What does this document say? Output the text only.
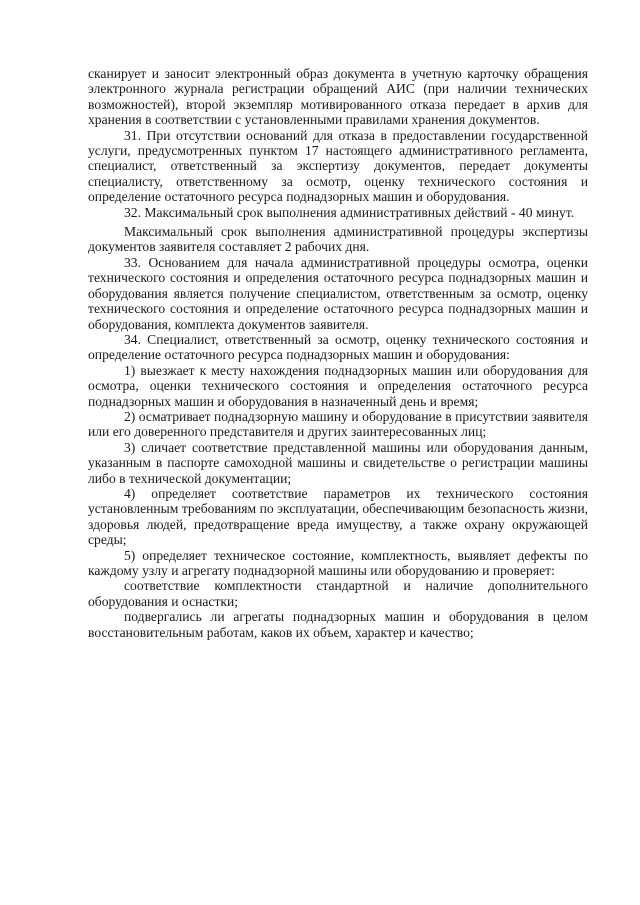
сканирует и заносит электронный образ документа в учетную карточку обращения электронного журнала регистрации обращений АИС (при наличии технических возможностей), второй экземпляр мотивированного отказа передает в архив для хранения в соответствии с установленными правилами хранения документов.

31. При отсутствии оснований для отказа в предоставлении государственной услуги, предусмотренных пунктом 17 настоящего административного регламента, специалист, ответственный за экспертизу документов, передает документы специалисту, ответственному за осмотр, оценку технического состояния и определение остаточного ресурса поднадзорных машин и оборудования.

32. Максимальный срок выполнения административных действий - 40 минут.

Максимальный срок выполнения административной процедуры экспертизы документов заявителя составляет 2 рабочих дня.

33. Основанием для начала административной процедуры осмотра, оценки технического состояния и определения остаточного ресурса поднадзорных машин и оборудования является получение специалистом, ответственным за осмотр, оценку технического состояния и определение остаточного ресурса поднадзорных машин и оборудования, комплекта документов заявителя.

34. Специалист, ответственный за осмотр, оценку технического состояния и определение остаточного ресурса поднадзорных машин и оборудования:

1) выезжает к месту нахождения поднадзорных машин или оборудования для осмотра, оценки технического состояния и определения остаточного ресурса поднадзорных машин и оборудования в назначенный день и время;

2) осматривает поднадзорную машину и оборудование в присутствии заявителя или его доверенного представителя и других заинтересованных лиц;

3) сличает соответствие представленной машины или оборудования данным, указанным в паспорте самоходной машины и свидетельстве о регистрации машины либо в технической документации;

4) определяет соответствие параметров их технического состояния установленным требованиям по эксплуатации, обеспечивающим безопасность жизни, здоровья людей, предотвращение вреда имуществу, а также охрану окружающей среды;

5) определяет техническое состояние, комплектность, выявляет дефекты по каждому узлу и агрегату поднадзорной машины или оборудованию и проверяет:

соответствие комплектности стандартной и наличие дополнительного оборудования и оснастки;

подвергались ли агрегаты поднадзорных машин и оборудования в целом восстановительным работам, каков их объем, характер и качество;
